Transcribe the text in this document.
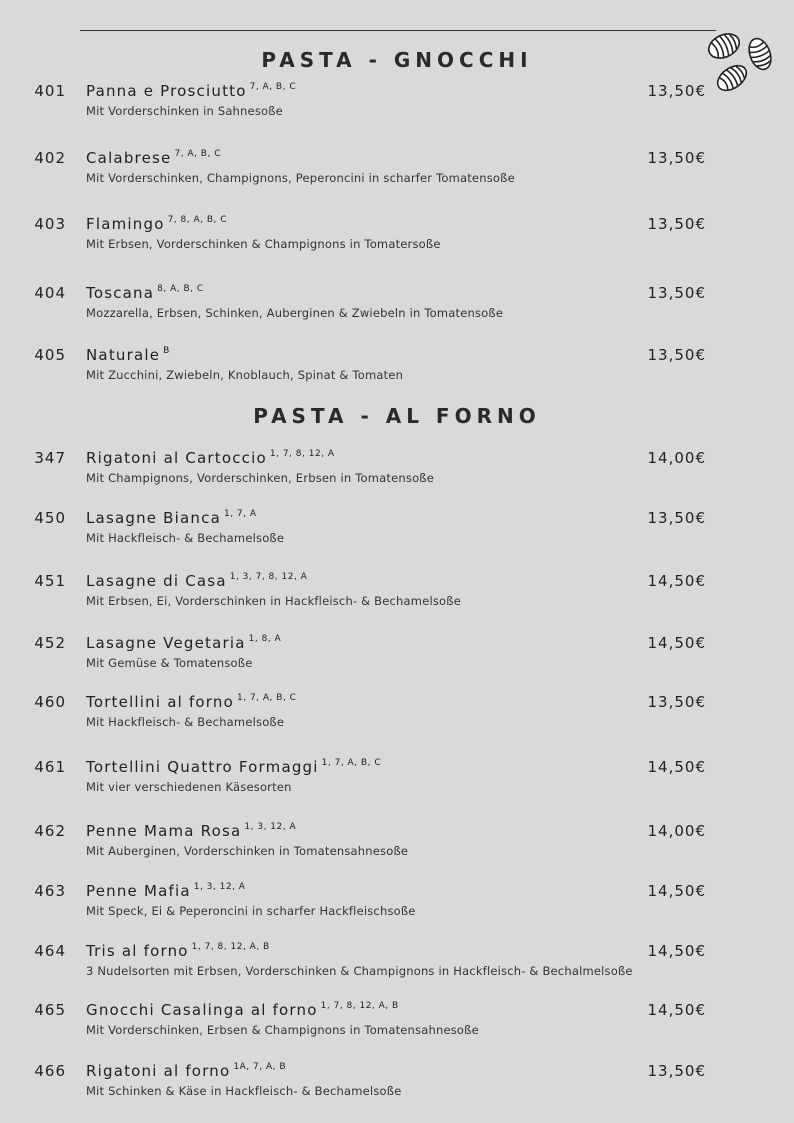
PASTA - GNOCCHI
401 Panna e Prosciutto $^{7, A, B, C}$	13,50€
Mit Vorderschinken in Sahnesoße
402 Calabrese $^{7, A, B, C}$	13,50€
Mit Vorderschinken, Champignons, Peperoncini in scharfer Tomatensoße
403 Flamingo $^{7, 8, A, B, C}$	13,50€
Mit Erbsen, Vorderschinken & Champignons in Tomatersoße
404 Toscana $^{8, A, B, C}$	13,50€
Mozzarella, Erbsen, Schinken, Auberginen & Zwiebeln in Tomatensoße
405 Naturale $^B$	13,50€
Mit Zucchini, Zwiebeln, Knoblauch, Spinat & Tomaten
PASTA - AL FORNO
347 Rigatoni al Cartoccio $^{1, 7, 8, 12, A}$	14,00€
Mit Champignons, Vorderschinken, Erbsen in Tomatensoße
450 Lasagne Bianca $^{1, 7, A}$	13,50€
Mit Hackfleisch- & Bechamelsoße
451 Lasagne di Casa $^{1, 3, 7, 8, 12, A}$	14,50€
Mit Erbsen, Ei, Vorderschinken in Hackfleisch- & Bechamelsoße
452 Lasagne Vegetaria $^{1, 8, A}$	14,50€
Mit Gemüse & Tomatensoße
460 Tortellini al forno $^{1, 7, A, B, C}$	13,50€
Mit Hackfleisch- & Bechamelsoße
461 Tortellini Quattro Formaggi $^{1, 7, A, B, C}$	14,50€
Mit vier verschiedenen Käsesorten
462 Penne Mama Rosa $^{1, 3, 12, A}$	14,00€
Mit Auberginen, Vorderschinken in Tomatensahnesoße
463 Penne Mafia $^{1, 3, 12, A}$	14,50€
Mit Speck, Ei & Peperoncini in scharfer Hackfleischsoße
464 Tris al forno $^{1, 7, 8, 12, A, B}$	14,50€
3 Nudelsorten mit Erbsen, Vorderschinken & Champignons in Hackfleisch- & Bechalmelsoße
465 Gnocchi Casalinga al forno $^{1, 7, 8, 12, A, B}$	14,50€
Mit Vorderschinken, Erbsen & Champignons in Tomatensahnesoße
466 Rigatoni al forno $^{1A, 7, A, B}$	13,50€
Mit Schinken & Käse in Hackfleisch- & Bechamelsoße
